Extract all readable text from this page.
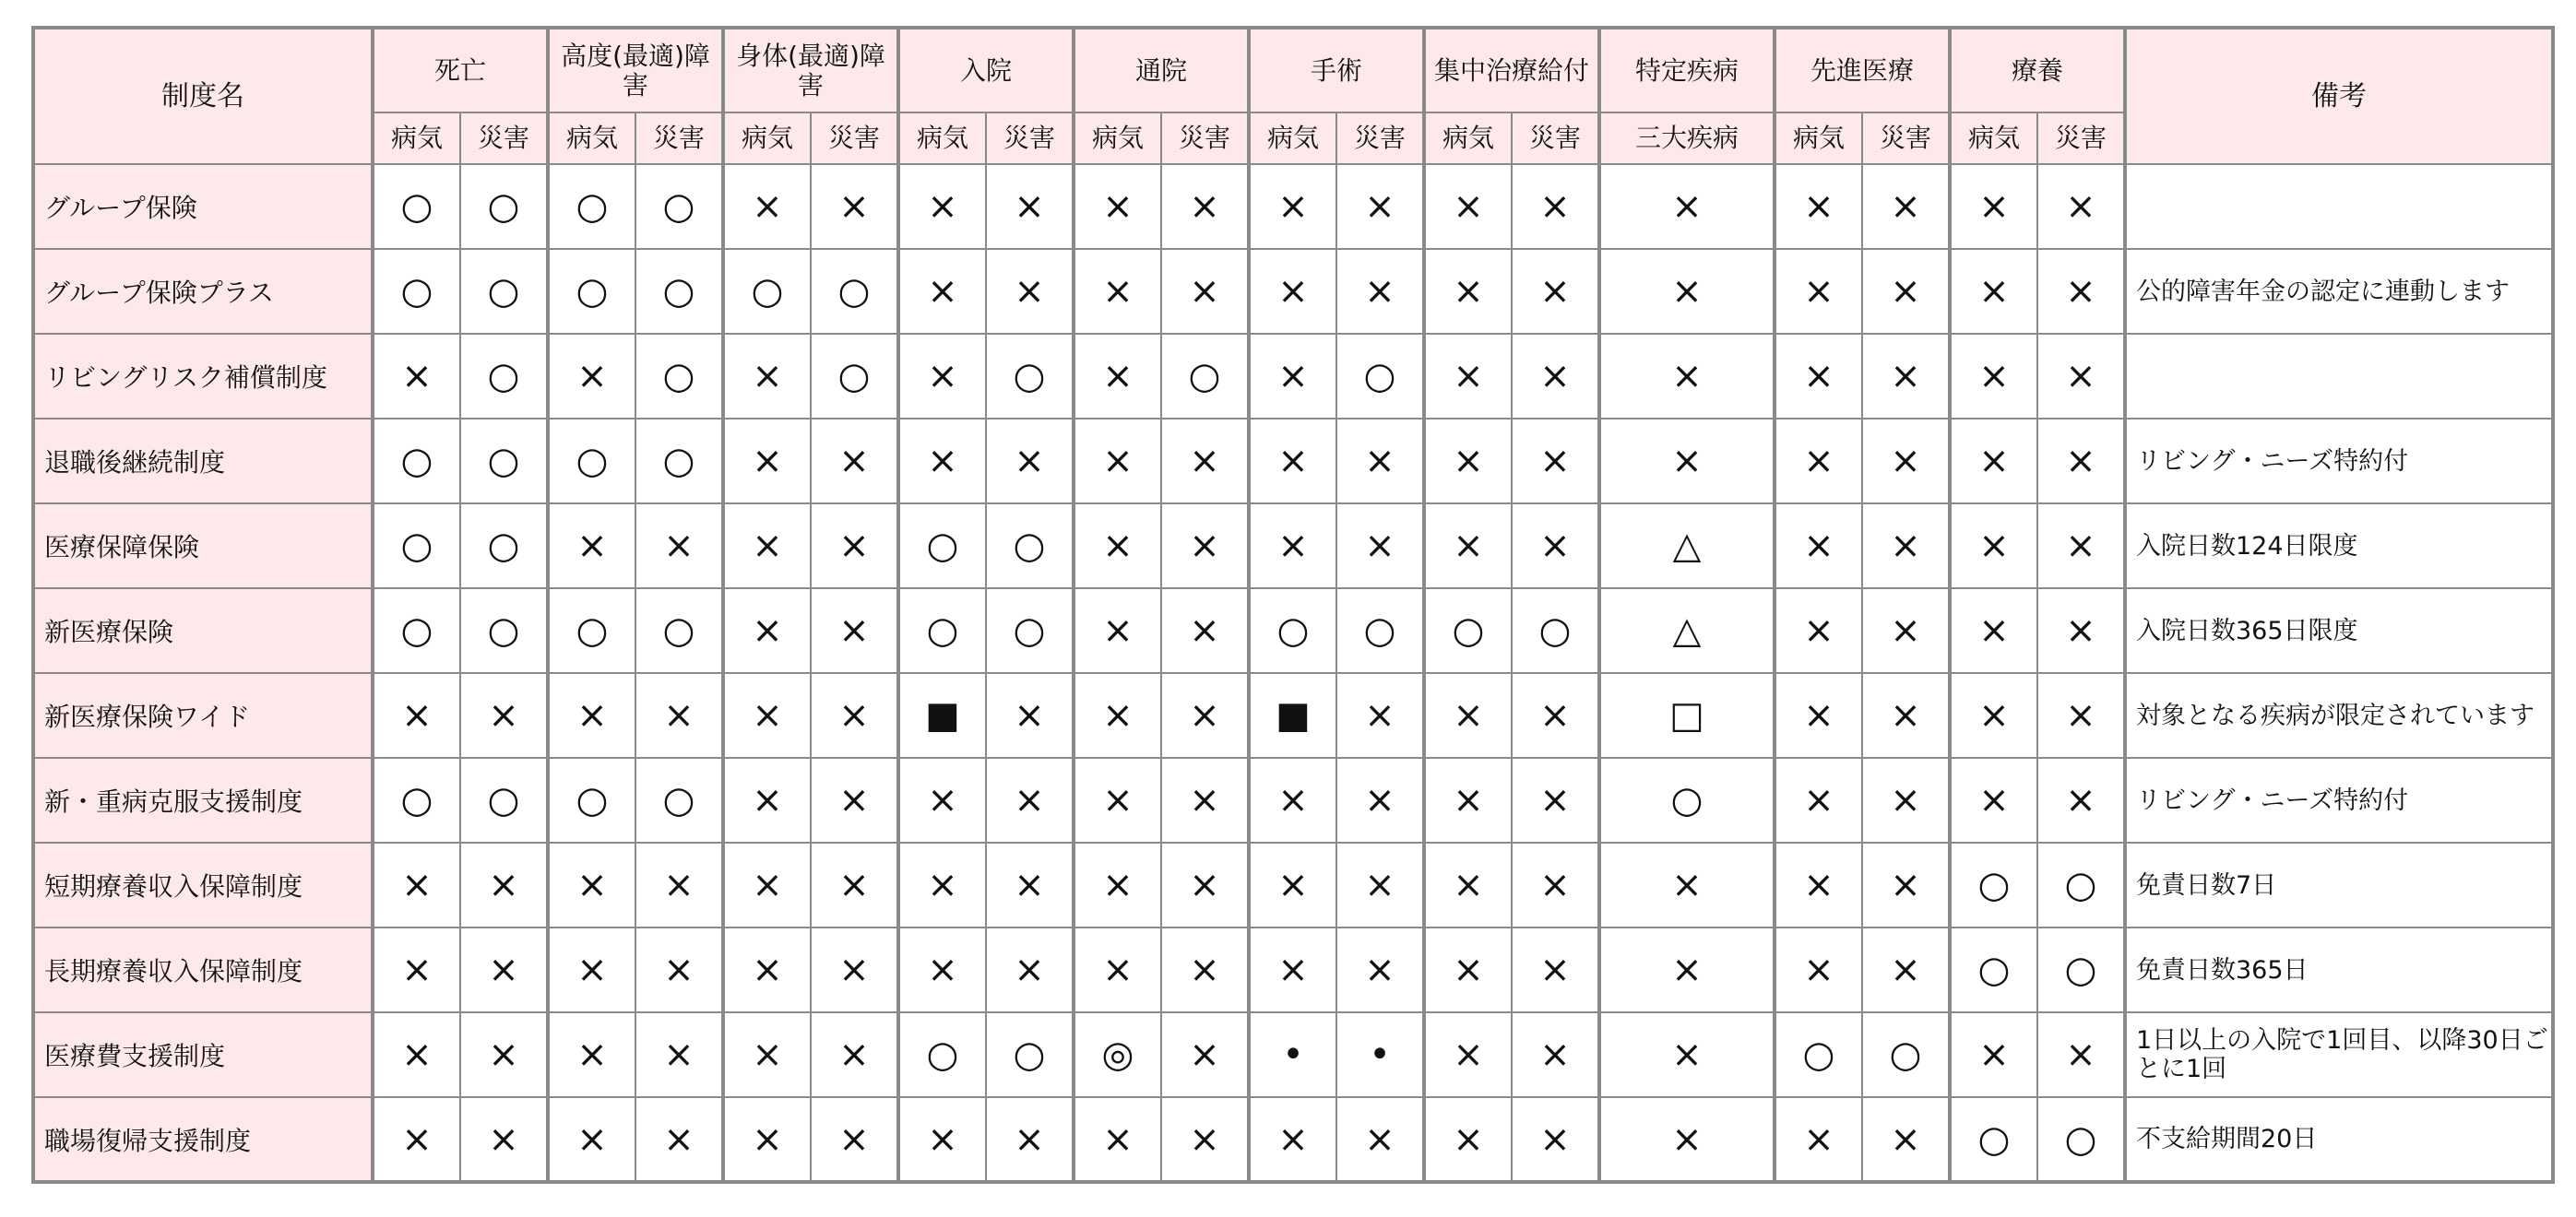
制度名	死亡		高度(最適)障害		身体(最適)障害		入院		通院		手術		集中治療給付		特定疾病	先進医療		療養		備考
	病気	災害	病気	災害	病気	災害	病気	災害	病気	災害	病気	災害	病気	災害	三大疾病	病気	災害	病気	災害	
グループ保険	○	○	○	○	×	×	×	×	×	×	×	×	×	×	×	×	×	×	×	
グループ保険プラス	○	○	○	○	○	○	×	×	×	×	×	×	×	×	×	×	×	×	×	公的障害年金の認定に連動します
リビングリスク補償制度	×	○	×	○	×	○	×	○	×	○	×	○	×	×	×	×	×	×	×	
退職後継続制度	○	○	○	○	×	×	×	×	×	×	×	×	×	×	×	×	×	×	×	リビング・ニーズ特約付
医療保障保険	○	○	×	×	×	×	○	○	×	×	×	×	×	×	△	×	×	×	×	入院日数124日限度
新医療保険	○	○	○	○	×	×	○	○	×	×	○	○	○	○	△	×	×	×	×	入院日数365日限度
新医療保険ワイド	×	×	×	×	×	×	■	×	×	×	■	×	×	×	□	×	×	×	×	対象となる疾病が限定されています
新・重病克服支援制度	○	○	○	○	×	×	×	×	×	×	×	×	×	×	○	×	×	×	×	リビング・ニーズ特約付
短期療養収入保障制度	×	×	×	×	×	×	×	×	×	×	×	×	×	×	×	×	×	○	○	免責日数7日
長期療養収入保障制度	×	×	×	×	×	×	×	×	×	×	×	×	×	×	×	×	×	○	○	免責日数365日
医療費支援制度	×	×	×	×	×	×	○	○	◎	×	•	•	×	×	×	○	○	×	×	1日以上の入院で1回目、以降30日ごとに1回
職場復帰支援制度	×	×	×	×	×	×	×	×	×	×	×	×	×	×	×	×	×	○	○	不支給期間20日
